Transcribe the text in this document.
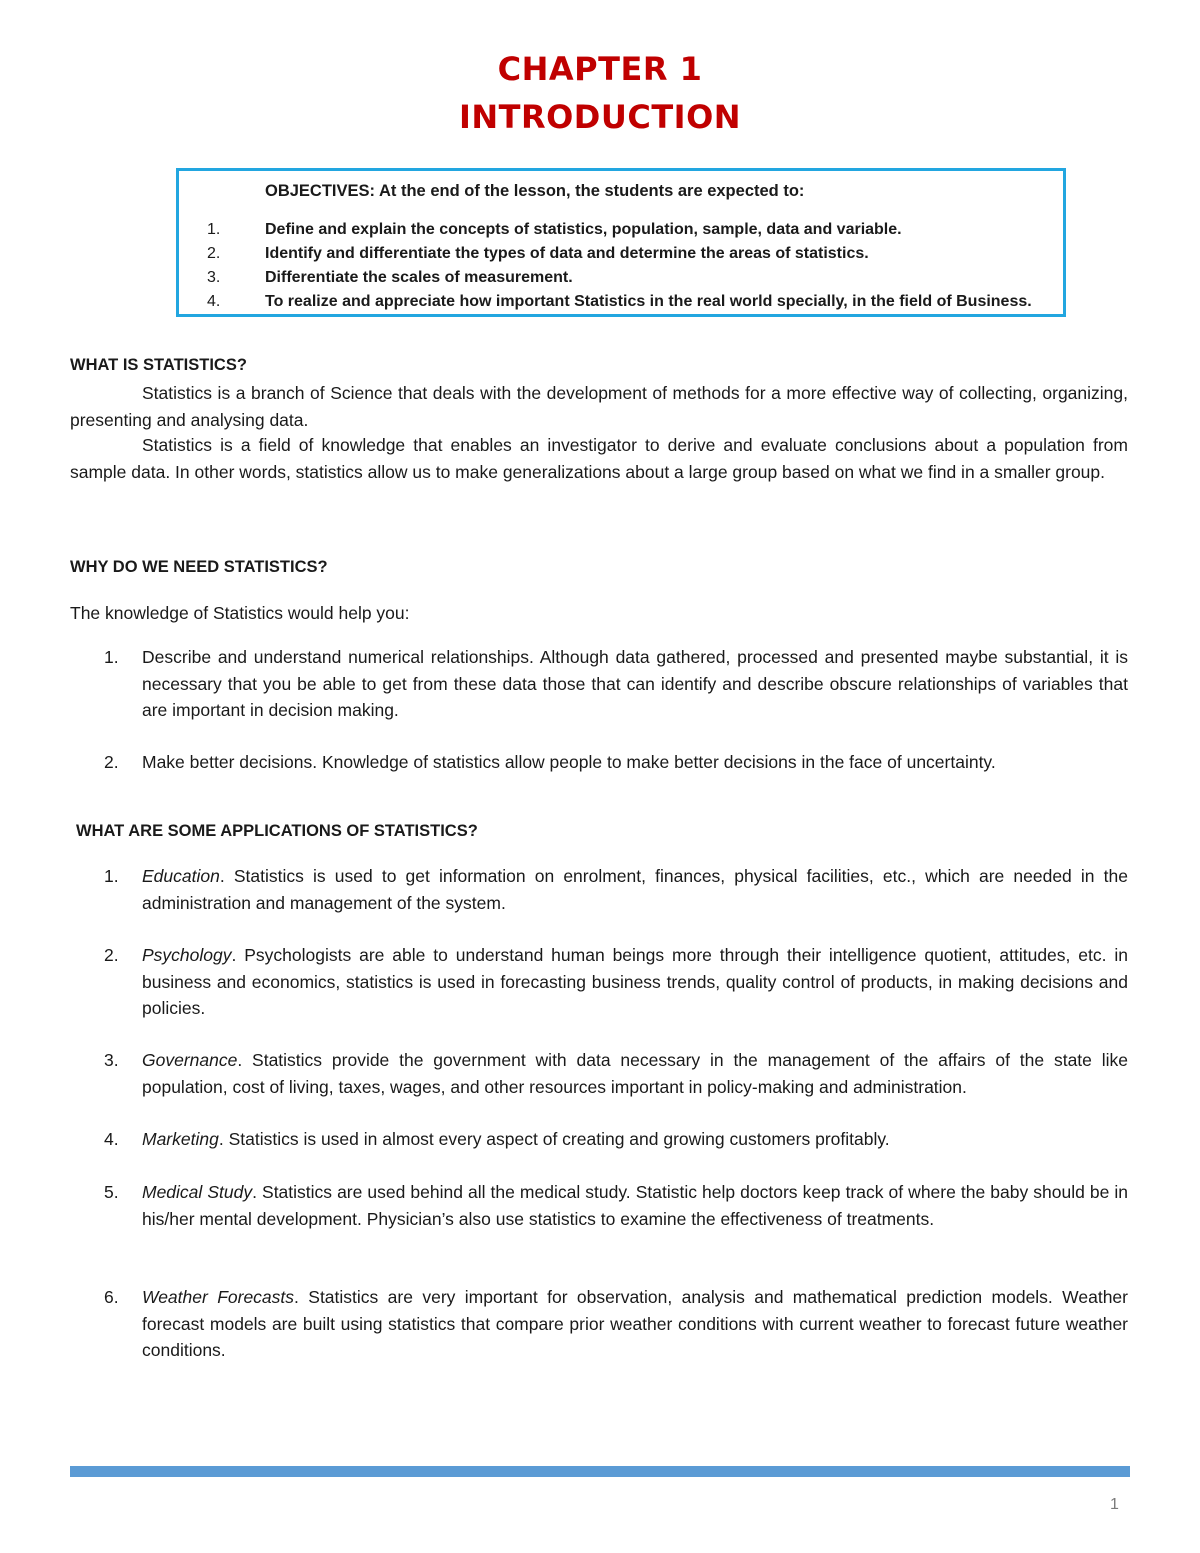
CHAPTER 1
INTRODUCTION

OBJECTIVES: At the end of the lesson, the students are expected to:

1.	Define and explain the concepts of statistics, population, sample, data and variable.
2.	Identify and differentiate the types of data and determine the areas of statistics.
3.	Differentiate the scales of measurement.
4.	To realize and appreciate how important Statistics in the real world specially, in the field of Business.

WHAT IS STATISTICS?

Statistics is a branch of Science that deals with the development of methods for a more effective way of collecting, organizing, presenting and analysing data.

Statistics is a field of knowledge that enables an investigator to derive and evaluate conclusions about a population from sample data. In other words, statistics allow us to make generalizations about a large group based on what we find in a smaller group.

WHY DO WE NEED STATISTICS?

The knowledge of Statistics would help you:

1. Describe and understand numerical relationships. Although data gathered, processed and presented maybe substantial, it is necessary that you be able to get from these data those that can identify and describe obscure relationships of variables that are important in decision making.
2. Make better decisions. Knowledge of statistics allow people to make better decisions in the face of uncertainty.

WHAT ARE SOME APPLICATIONS OF STATISTICS?

1. Education. Statistics is used to get information on enrolment, finances, physical facilities, etc., which are needed in the administration and management of the system.
2. Psychology. Psychologists are able to understand human beings more through their intelligence quotient, attitudes, etc. in business and economics, statistics is used in forecasting business trends, quality control of products, in making decisions and policies.
3. Governance. Statistics provide the government with data necessary in the management of the affairs of the state like population, cost of living, taxes, wages, and other resources important in policy-making and administration.
4. Marketing. Statistics is used in almost every aspect of creating and growing customers profitably.
5. Medical Study. Statistics are used behind all the medical study. Statistic help doctors keep track of where the baby should be in his/her mental development. Physician’s also use statistics to examine the effectiveness of treatments.
6. Weather Forecasts. Statistics are very important for observation, analysis and mathematical prediction models. Weather forecast models are built using statistics that compare prior weather conditions with current weather to forecast future weather conditions.
1
